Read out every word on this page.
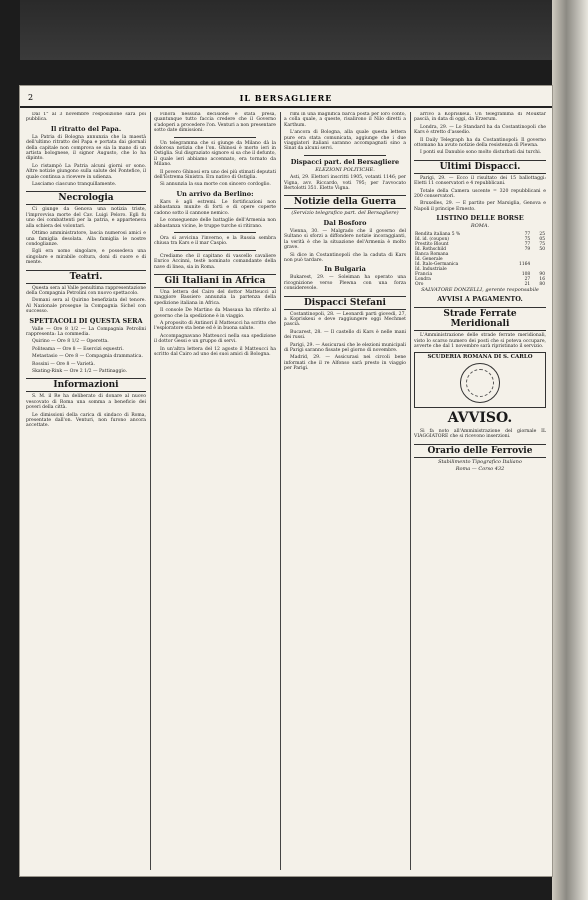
2	IL BERSAGLIERE

Dal 1° al 3 novembre l'esposizione sarà poi pubblica.

Il ritratto del Papa.

La Patria di Bologna annunzia che la maestà dell'ultimo ritratto del Papa e portata dai giornali della capitale non comprova se sia la mano di un artista bolognese, il signor Augusto, che lo ha dipinto.

Lo ristampò La Patria alcuni giorni or sono. Altre notizie giungono sulla salute del Pontefice, il quale continua a ricevere in udienza.

Lasciamo ciascuno tranquillamente.

Necrologia

Ci giunge da Genova una notizia triste, l'improvvisa morte del Cav. Luigi Peloro. Egli fu uno dei combattenti per la patria, e apparteneva alla schiera dei volontari.

Ottimo amministratore, lascia numerosi amici e una famiglia desolata. Alla famiglia le nostre condoglianze.

Egli era uomo singolare, e possedeva una singolare e mirabile coltura, doni di cuore e di mente.

Teatri.

Questa sera al Valle penultima rappresentazione della Compagnia Petrolini con nuovo spettacolo.

Domani sera al Quirino benefiziata del tenore. Al Nazionale prosegue la Compagnia Sichel con successo.

SPETTACOLI DI QUESTA SERA

Valle — Ore 8 1/2 — La Compagnia Petrolini rappresenta: La commedia.

Quirino — Ore 8 1/2 — Operetta.

Politeama — Ore 8 — Esercizi equestri.

Metastasio — Ore 8 — Compagnia drammatica.

Rossini — Ore 8 — Varietà.

Skating-Rink — Ore 2 1/2 — Pattinaggio.

Informazioni

S. M. il Re ha deliberato di donare al nuovo vescovato di Roma una somma a beneficio dei poveri della città.

Le dimissioni della carica di sindaco di Roma, presentate dall'on. Venturi, non furono ancora accettate.

Finora nessuna decisione è stata presa, quantunque tutto faccia credere che il Governo s'adoperi a procedere l'on. Venturi a non presentare sotto date dimissioni.

Un telegramma che si giunge da Milano dà la dolorosa notizia che l'on. Ghinosi è morto ieri in Ostiglia. Sul disgraziato signore si sa che il defunto, il quale ieri abbiamo accennato, era tornato da Milano.

Il povero Ghinosi era uno dei più stimati deputati dell'Estrema Sinistra. Era nativo di Ostiglia.

Si annunzia la sua morte con sincero cordoglio.

Un arrivo da Berlino:

Kars è agli estremi. Le fortificazioni non abbastanza munite di forti e di opere coperte cadono sotto il cannone nemico.

Le conseguenze delle battaglie dell'Armenia non abbastanza vicine, le truppe turche si ritirano.

Ora si avvicina l'inverno, e la Russia sembra chiusa tra Kars e il mar Caspio.

Crediamo che il capitano di vascello cavaliere Enrico Accinni, testè nominato comandante della nave di linea, sia in Roma.

Gli Italiani in Africa

Una lettera del Cairo del dottor Matteucci al maggiore Bassiero annunzia la partenza della spedizione italiana in Africa.

Il console De Martino da Massaua ha riferito al governo che la spedizione è in viaggio.

A proposito di Antinori il Matteucci ha scritto che l'esploratore sta bene ed è in buona salute.

Accompagnavano Matteucci nella sua spedizione il dottor Gessi e un gruppo di servi.

In un'altra lettera del 12 agosto il Matteucci ha scritto dal Cairo ad uno dei suoi amici di Bologna.

rimi in una magnifica barca posta per loro conto, a colla quale, a queste, risalirono il Nilo diretti a Karthum.

L'ancora di Bologna, alla quale questa lettera pure era stata comunicata, aggiunge che i due viaggiatori italiani saranno accompagnati sino a Sinat da alcuni servi.

Dispacci part. del Bersagliere
ELEZIONI POLITICHE.

Asti, 29. Elettori inscritti 1905, votanti 1146; per Vigna, avv. Riccardo, voti 795; per l'avvocato Bertolotti 351. Eletto Vigna.

Notizie della Guerra
(Servizio telegrafico part. del Bersagliere)
Dal Bosforo

Vienna, 30. — Malgrado che il governo del Sultano si sforzi a diffondere notizie incoraggianti, la verità è che la situazione del'Armenia è molto grave.

Si dice in Costantinopoli che la caduta di Kars non può tardare.

In Bulgaria

Bukarest, 29. — Soleiman ha operato una ricognizione verso Plewna con una forza considerevole.

Dispacci Stefani

Costantinopoli, 28. — Leonardi parti giovedì, 27, a Kopriskeui e deve raggiungere oggi Mechmet pascià.

Bucarest, 28. — Il castello di Kars è nelle mani dei russi.

Parigi, 29. — Assicurasi che le elezioni municipali di Parigi saranno fissate pel giorno di novembre.

Madrid, 29. — Assicurasi nei circoli bene informati che il re Alfonso sarà presto in viaggio per Parigi.

arrivo a Kopriskeui. Un telegramma di Mouktar pascià, in data di oggi, da Erzerum.

Londra, 29. — Lo Standard ha da Costantinopoli che Kars è stretto d'assedio.

Il Daily Telegraph ha da Costantinopoli: Il governo ottomano ha avuto notizie della resistenza di Plewna.

I ponti sul Danubio sono molto disturbati dai turchi.

Ultimi Dispacci.

Parigi, 29. — Ecco il risultato dei 15 ballottaggi: Eletti 11 conservatori e 4 repubblicani.

Totale della Camera uscente = 320 repubblicani e 200 conservatori.

Bruxelles, 29. — E partito per Marsiglia, Genova e Napoli il principe Ernesto.

LISTINO DELLE BORSE
ROMA.
Rendita italiana 5 %	77	25
Id. id. (coupon)	75	05
Prestito Blount	77	75
Id. Rothschild	79	50
Banca Romana		
Id. Generale		
Id. Italo-Germanica	1164	
Id. Industriale		
Francia	108	90
Londra	27	16
Oro	21	80
SALVATORE DONZELLI, gerente responsabile
AVVISI A PAGAMENTO.
Strade Ferrate Meridionali

L'Amministrazione delle strade ferrate meridionali, visto lo scarso numero dei posti che si poteva occupare, avverte che dal 1 novembre sarà ripristinato il servizio.

SCUDERIA ROMANA DI S. CARLO
AVVISO.

Si fa noto all'Amministrazione del giornale IL VIAGGIATORE che si ricevono inserzioni.

Orario delle Ferrovie
Stabilimento Tipografico Italiano
Roma — Corso 432
